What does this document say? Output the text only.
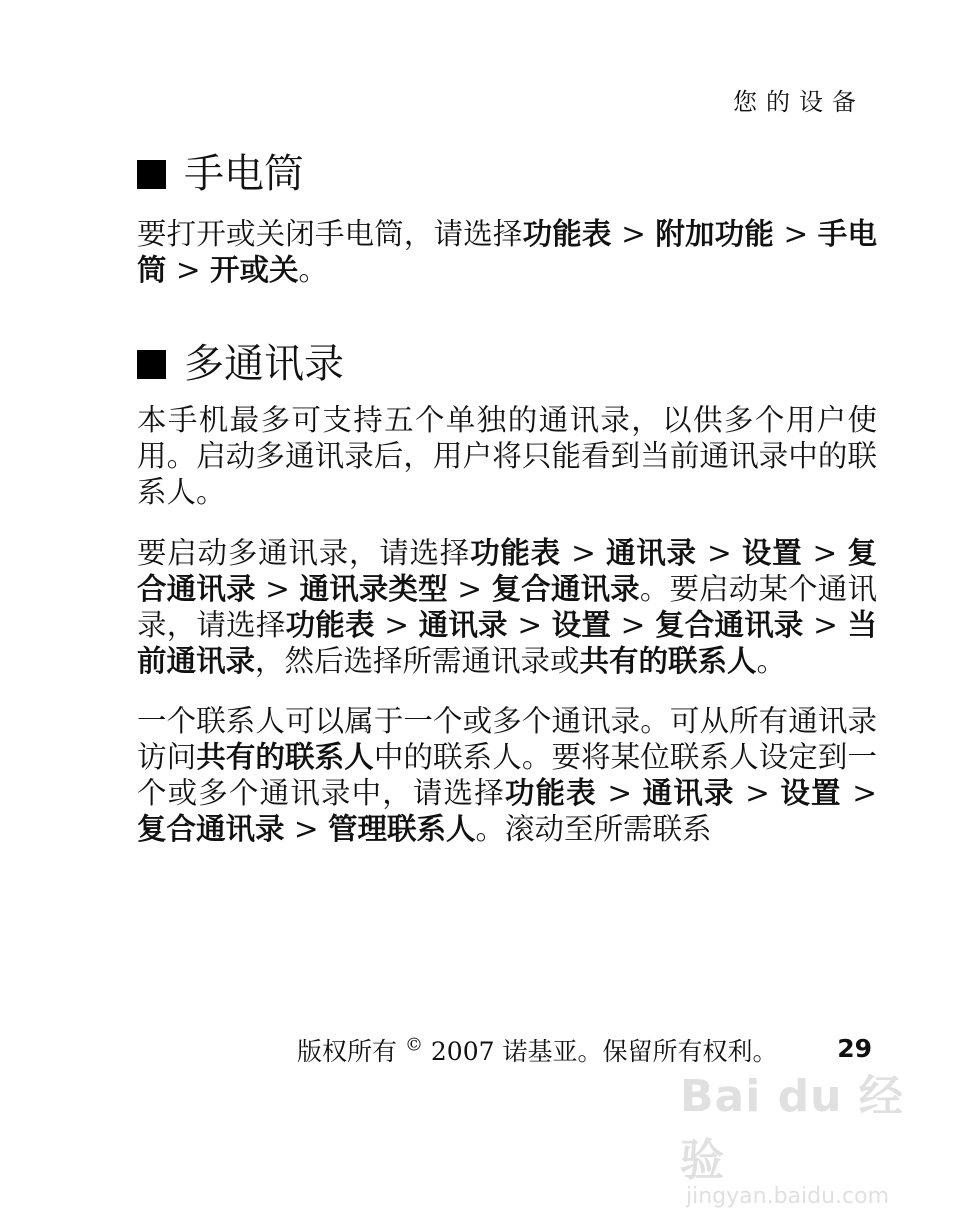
您的设备
手电筒

要打开或关闭手电筒，请选择功能表 > 附加功能 > 手电筒 > 开或关。

多通讯录

本手机最多可支持五个单独的通讯录，以供多个用户使用。启动多通讯录后，用户将只能看到当前通讯录中的联系人。

要启动多通讯录，请选择功能表 > 通讯录 > 设置 > 复合通讯录 > 通讯录类型 > 复合通讯录。要启动某个通讯录，请选择功能表 > 通讯录 > 设置 > 复合通讯录 > 当前通讯录，然后选择所需通讯录或共有的联系人。

一个联系人可以属于一个或多个通讯录。可从所有通讯录访问共有的联系人中的联系人。要将某位联系人设定到一个或多个通讯录中，请选择功能表 > 通讯录 > 设置 > 复合通讯录 > 管理联系人。滚动至所需联系

版权所有 © 2007 诺基亚。保留所有权利。 29
Bai du 经验
jingyan.baidu.com
